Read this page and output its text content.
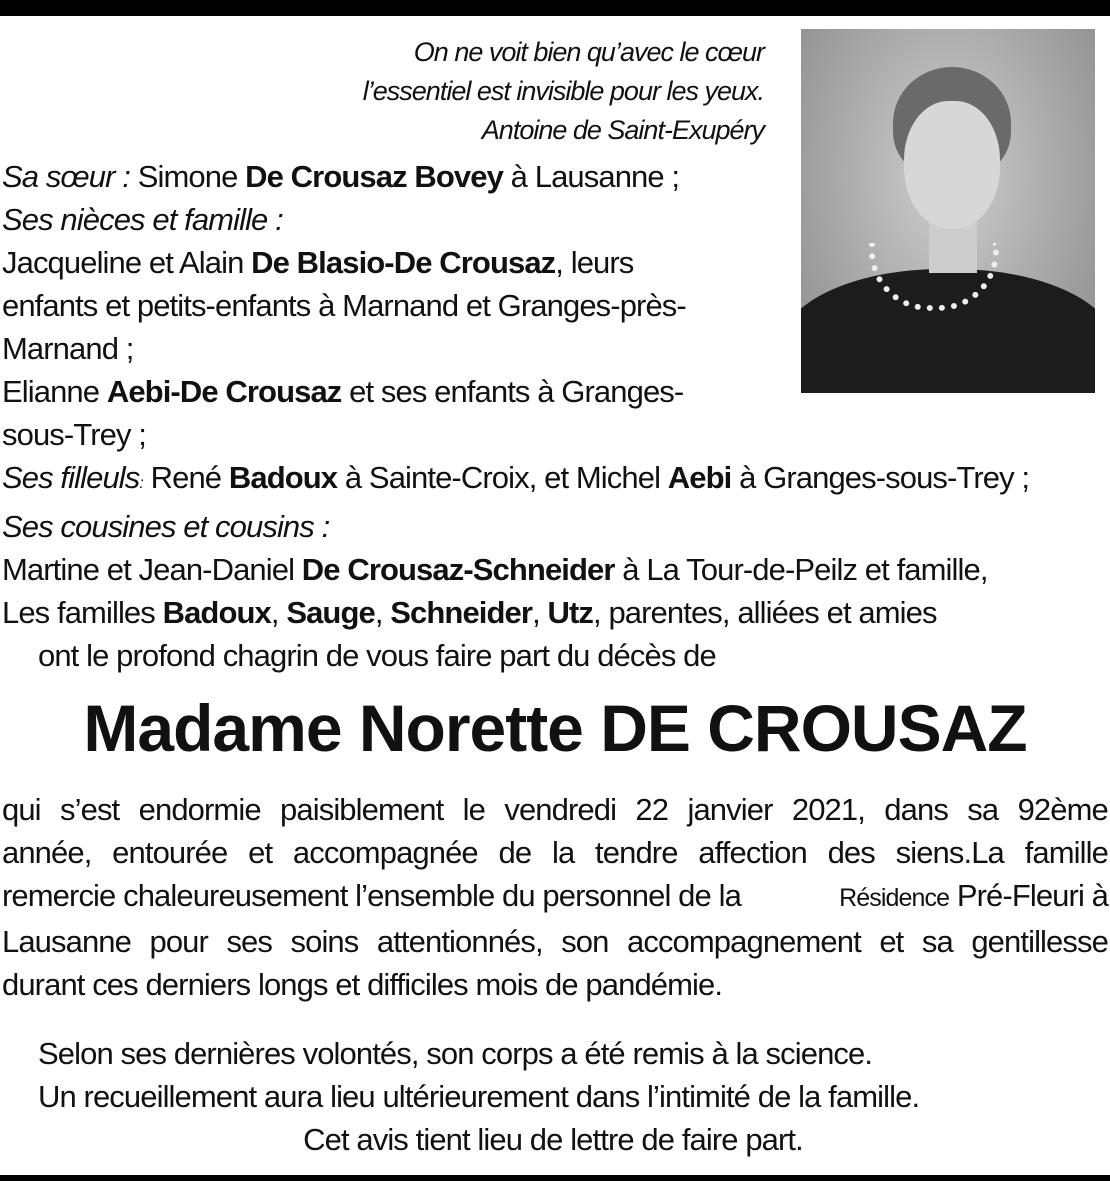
On ne voit bien qu’avec le cœur
l’essentiel est invisible pour les yeux.
Antoine de Saint-Exupéry
Sa sœur : Simone De Crousaz Bovey à Lausanne ;
Ses nièces et famille :
Jacqueline et Alain De Blasio-De Crousaz, leurs
enfants et petits-enfants à Marnand et Granges-près-
Marnand ;
Elianne Aebi-De Crousaz et ses enfants à Granges-
sous-Trey ;
Ses filleuls: René Badoux à Sainte-Croix, et Michel Aebi à Granges-sous-Trey ;
Ses cousines et cousins :
Martine et Jean-Daniel De Crousaz-Schneider à La Tour-de-Peilz et famille,
Les familles Badoux, Sauge, Schneider, Utz, parentes, alliées et amies
ont le profond chagrin de vous faire part du décès de
Madame Norette DE CROUSAZ
qui s’est endormie paisiblement le vendredi 22 janvier 2021, dans sa 92ème
année, entourée et accompagnée de la tendre affection des siens.La famille
remercie chaleureusement l’ensemble du personnel de la	Résidence Pré-Fleuri à
Lausanne pour ses soins attentionnés, son accompagnement et sa gentillesse
durant ces derniers longs et difficiles mois de pandémie.
Selon ses dernières volontés, son corps a été remis à la science.
Un recueillement aura lieu ultérieurement dans l’intimité de la famille.
Cet avis tient lieu de lettre de faire part.
